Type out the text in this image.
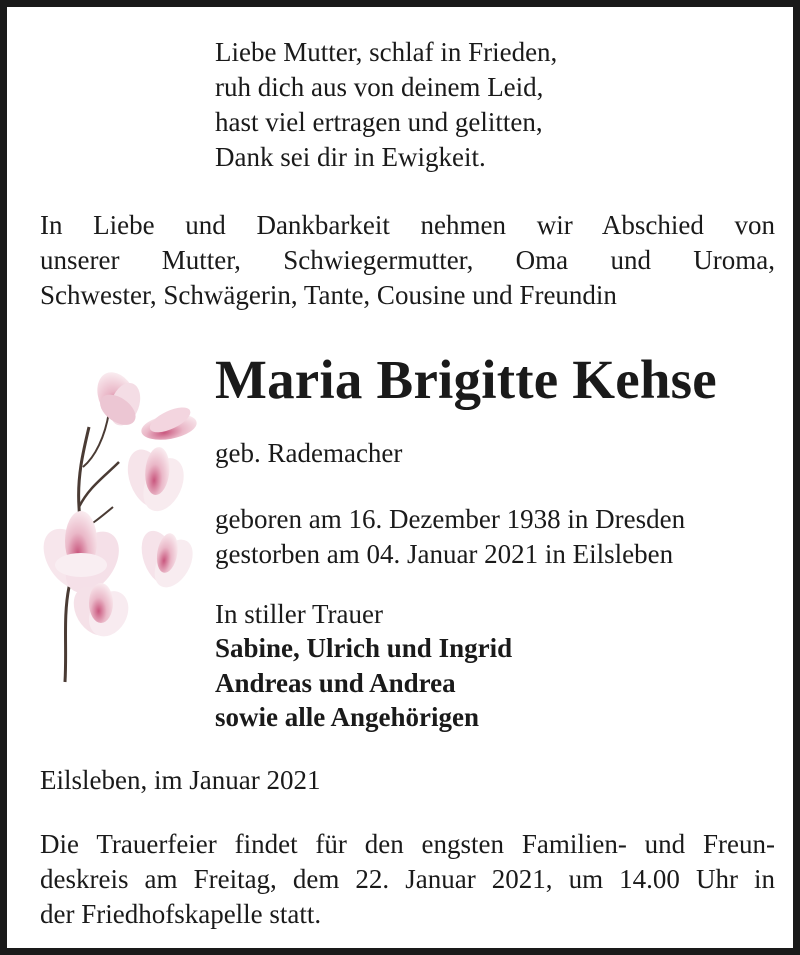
Liebe Mutter, schlaf in Frieden,
ruh dich aus von deinem Leid,
hast viel ertragen und gelitten,
Dank sei dir in Ewigkeit.
In Liebe und Dankbarkeit nehmen wir Abschied von
unserer Mutter, Schwiegermutter, Oma und Uroma,
Schwester, Schwägerin, Tante, Cousine und Freundin
Maria Brigitte Kehse
geb. Rademacher
geboren am 16. Dezember 1938 in Dresden
gestorben am 04. Januar 2021 in Eilsleben
In stiller Trauer
Sabine, Ulrich und Ingrid
Andreas und Andrea
sowie alle Angehörigen
Eilsleben, im Januar 2021
Die Trauerfeier findet für den engsten Familien- und Freun-
deskreis am Freitag, dem 22. Januar 2021, um 14.00 Uhr in
der Friedhofskapelle statt.
